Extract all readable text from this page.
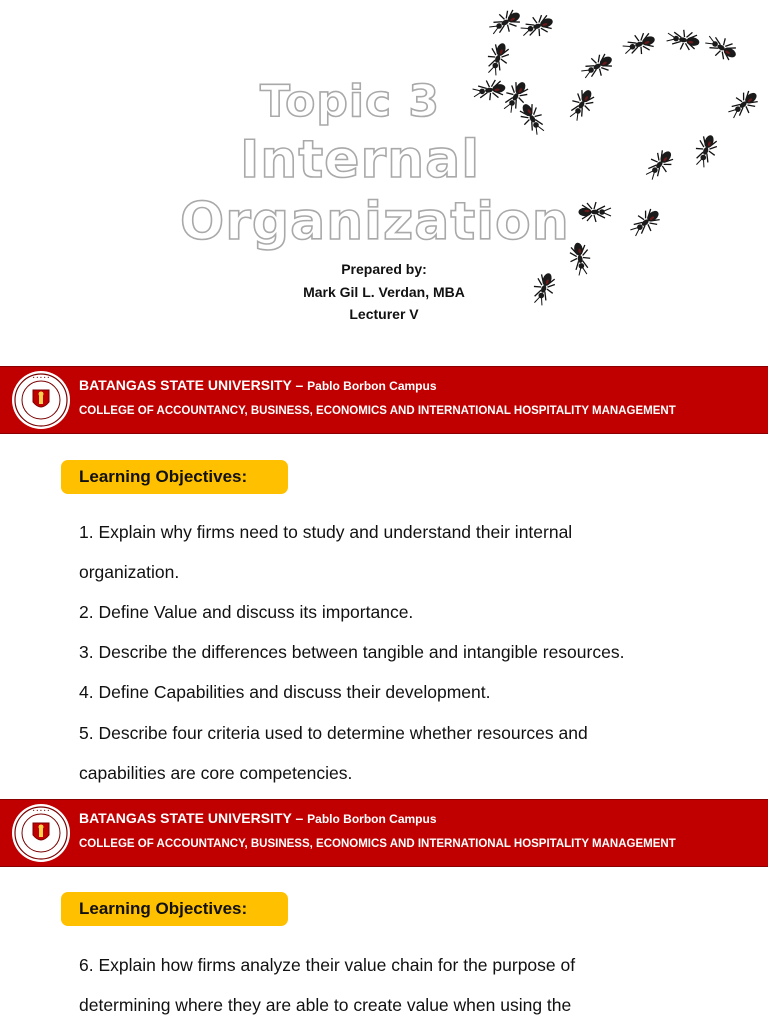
Topic 3
Internal
Organization
Prepared by:
Mark Gil L. Verdan, MBA
Lecturer V
• • • • • BATANGAS STATE UNIVERSITY – Pablo Borbon Campus
COLLEGE OF ACCOUNTANCY, BUSINESS, ECONOMICS AND INTERNATIONAL HOSPITALITY MANAGEMENT
Learning Objectives:
1. Explain why firms need to study and understand their internal
organization.
2. Define Value and discuss its importance.
3. Describe the differences between tangible and intangible resources.
4. Define Capabilities and discuss their development.
5. Describe four criteria used to determine whether resources and
capabilities are core competencies.
• • • • • BATANGAS STATE UNIVERSITY – Pablo Borbon Campus
COLLEGE OF ACCOUNTANCY, BUSINESS, ECONOMICS AND INTERNATIONAL HOSPITALITY MANAGEMENT
Learning Objectives:
6. Explain how firms analyze their value chain for the purpose of
determining where they are able to create value when using the
